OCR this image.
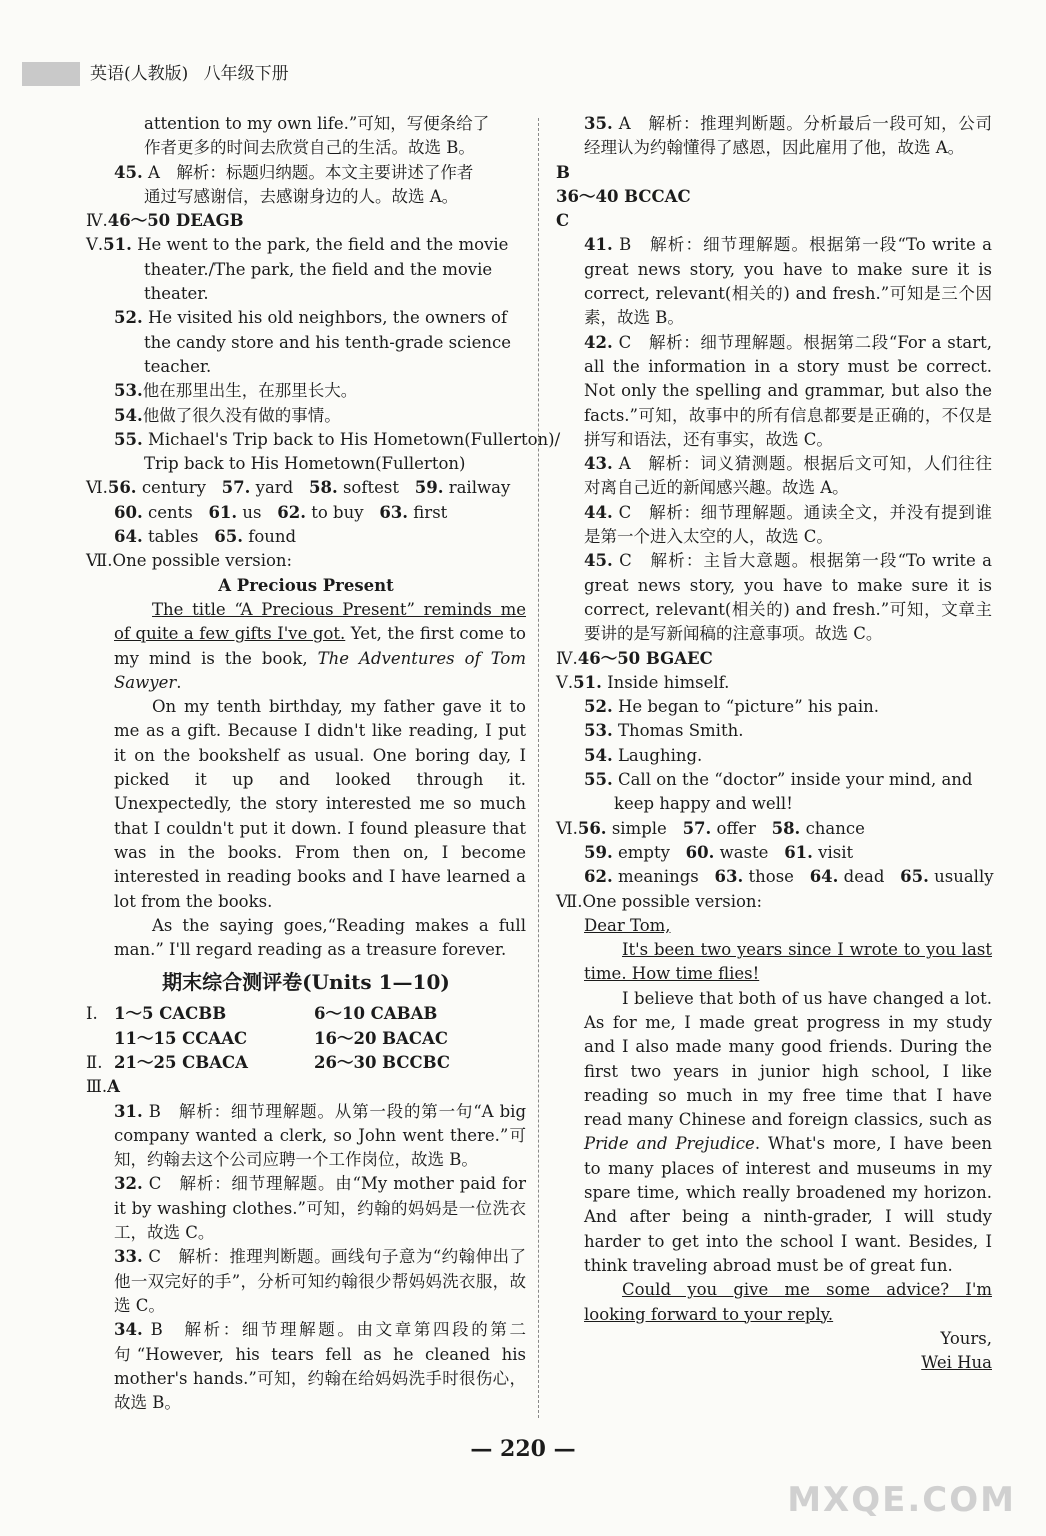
英语(人教版) 八年级下册
attention to my own life.”可知，写便条给了
作者更多的时间去欣赏自己的生活。故选 B。
45. A　解析：标题归纳题。本文主要讲述了作者
通过写感谢信，去感谢身边的人。故选 A。
Ⅳ.46～50 DEAGB
Ⅴ.51. He went to the park, the field and the movie
theater./The park, the field and the movie
theater.
52. He visited his old neighbors, the owners of
the candy store and his tenth-grade science
teacher.
53.他在那里出生，在那里长大。
54.他做了很久没有做的事情。
55. Michael's Trip back to His Hometown(Fullerton)/
Trip back to His Hometown(Fullerton)
Ⅵ.56. century 57. yard 58. softest 59. railway
60. cents 61. us 62. to buy 63. first
64. tables 65. found
Ⅶ.One possible version:
A Precious Present
The title “A Precious Present” reminds me of quite a few gifts I've got. Yet, the first come to my mind is the book, The Adventures of Tom Sawyer.
On my tenth birthday, my father gave it to me as a gift. Because I didn't like reading, I put it on the bookshelf as usual. One boring day, I picked it up and looked through it. Unexpectedly, the story interested me so much that I couldn't put it down. I found pleasure that was in the books. From then on, I become interested in reading books and I have learned a lot from the books.
As the saying goes,“Reading makes a full man.” I'll regard reading as a treasure forever.
期末综合测评卷(Units 1—10)
Ⅰ. 1～5 CACBB	6～10 CABAB
11～15 CCAAC	16～20 BACAC
Ⅱ. 21～25 CBACA	26～30 BCCBC
Ⅲ.A
31. B　解析：细节理解题。从第一段的第一句“A big company wanted a clerk, so John went there.”可知，约翰去这个公司应聘一个工作岗位，故选 B。
32. C　解析：细节理解题。由“My mother paid for it by washing clothes.”可知，约翰的妈妈是一位洗衣工，故选 C。
33. C　解析：推理判断题。画线句子意为“约翰伸出了他一双完好的手”，分析可知约翰很少帮妈妈洗衣服，故选 C。
34. B　解析：细节理解题。由文章第四段的第二句“However, his tears fell as he cleaned his mother's hands.”可知，约翰在给妈妈洗手时很伤心，故选 B。
35. A　解析：推理判断题。分析最后一段可知，公司经理认为约翰懂得了感恩，因此雇用了他，故选 A。
B
36～40 BCCAC
C
41. B　解析：细节理解题。根据第一段“To write a great news story, you have to make sure it is correct, relevant(相关的) and fresh.”可知是三个因素，故选 B。
42. C　解析：细节理解题。根据第二段“For a start, all the information in a story must be correct. Not only the spelling and grammar, but also the facts.”可知，故事中的所有信息都要是正确的，不仅是拼写和语法，还有事实，故选 C。
43. A　解析：词义猜测题。根据后文可知，人们往往对离自己近的新闻感兴趣。故选 A。
44. C　解析：细节理解题。通读全文，并没有提到谁是第一个进入太空的人，故选 C。
45. C　解析：主旨大意题。根据第一段“To write a great news story, you have to make sure it is correct, relevant(相关的) and fresh.”可知，文章主要讲的是写新闻稿的注意事项。故选 C。
Ⅳ.46～50 BGAEC
Ⅴ.51. Inside himself.
52. He began to “picture” his pain.
53. Thomas Smith.
54. Laughing.
55. Call on the “doctor” inside your mind, and
keep happy and well!
Ⅵ.56. simple 57. offer 58. chance
59. empty 60. waste 61. visit
62. meanings 63. those 64. dead 65. usually
Ⅶ.One possible version:
Dear Tom,
It's been two years since I wrote to you last time. How time flies!
I believe that both of us have changed a lot. As for me, I made great progress in my study and I also made many good friends. During the first two years in junior high school, I like reading so much in my free time that I have read many Chinese and foreign classics, such as Pride and Prejudice. What's more, I have been to many places of interest and museums in my spare time, which really broadened my horizon. And after being a ninth-grader, I will study harder to get into the school I want. Besides, I think traveling abroad must be of great fun.
Could you give me some advice? I'm looking forward to your reply.
Yours,
Wei Hua
— 220 —
MXQE.COM
